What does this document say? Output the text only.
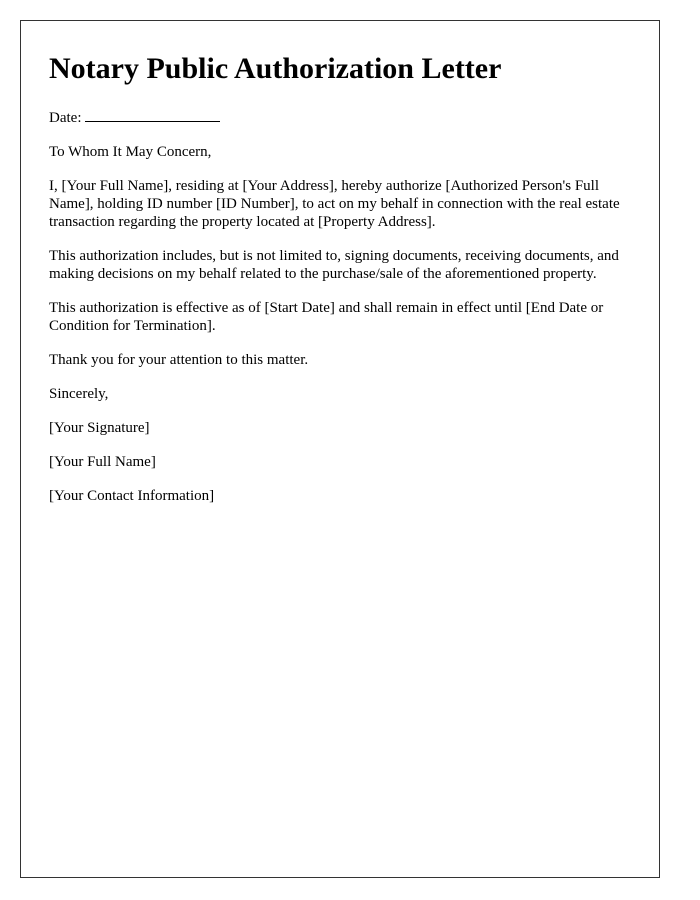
Notary Public Authorization Letter

Date:

To Whom It May Concern,

I, [Your Full Name], residing at [Your Address], hereby authorize [Authorized Person's Full Name], holding ID number [ID Number], to act on my behalf in connection with the real estate transaction regarding the property located at [Property Address].

This authorization includes, but is not limited to, signing documents, receiving documents, and making decisions on my behalf related to the purchase/sale of the aforementioned property.

This authorization is effective as of [Start Date] and shall remain in effect until [End Date or Condition for Termination].

Thank you for your attention to this matter.

Sincerely,

[Your Signature]

[Your Full Name]

[Your Contact Information]
